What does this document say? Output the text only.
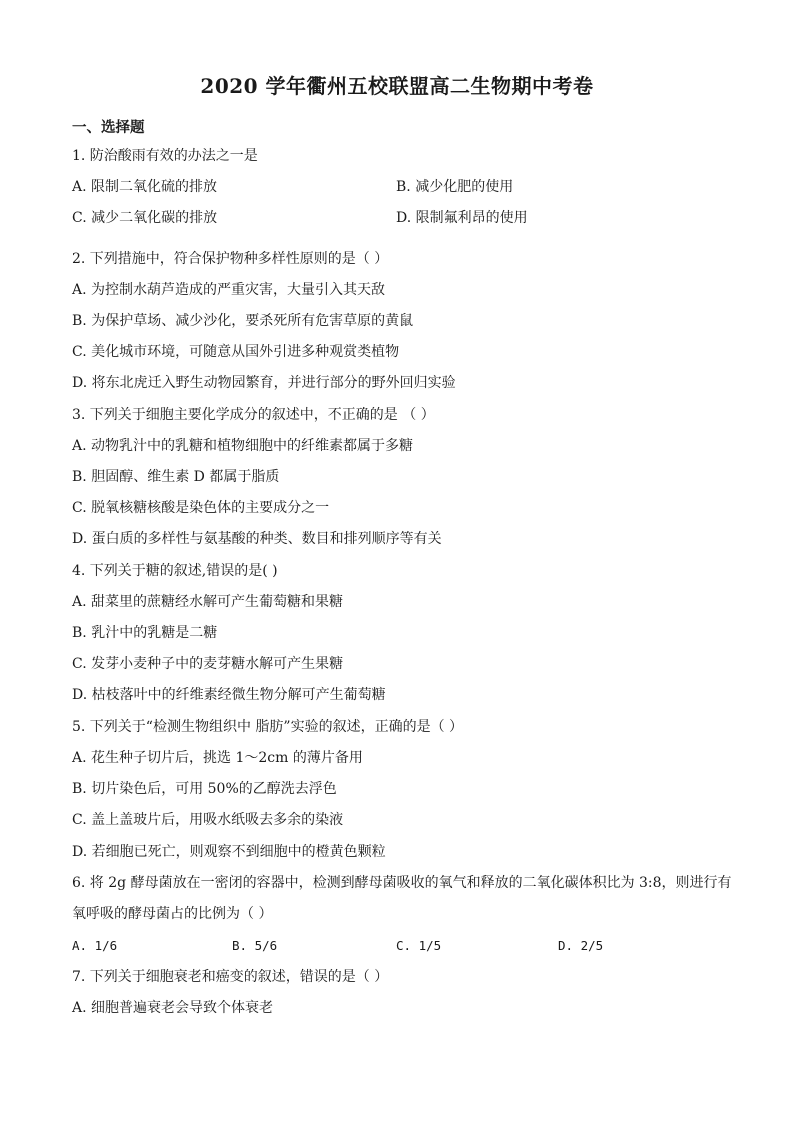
2020 学年衢州五校联盟高二生物期中考卷
一、选择题
1. 防治酸雨有效的办法之一是
A. 限制二氧化硫的排放	B. 减少化肥的使用
C. 减少二氧化碳的排放	D. 限制氟利昂的使用
2. 下列措施中，符合保护物种多样性原则的是（ ）
A. 为控制水葫芦造成的严重灾害，大量引入其天敌
B. 为保护草场、减少沙化，要杀死所有危害草原的黄鼠
C. 美化城市环境，可随意从国外引进多种观赏类植物
D. 将东北虎迁入野生动物园繁育，并进行部分的野外回归实验
3. 下列关于细胞主要化学成分的叙述中，不正确的是 （ ）
A. 动物乳汁中的乳糖和植物细胞中的纤维素都属于多糖
B. 胆固醇、维生素 D 都属于脂质
C. 脱氧核糖核酸是染色体的主要成分之一
D. 蛋白质的多样性与氨基酸的种类、数目和排列顺序等有关
4. 下列关于糖的叙述,错误的是( )
A. 甜菜里的蔗糖经水解可产生葡萄糖和果糖
B. 乳汁中的乳糖是二糖
C. 发芽小麦种子中的麦芽糖水解可产生果糖
D. 枯枝落叶中的纤维素经微生物分解可产生葡萄糖
5. 下列关于“检测生物组织中 脂肪”实验的叙述，正确的是（ ）
A. 花生种子切片后，挑选 1～2cm 的薄片备用
B. 切片染色后，可用 50%的乙醇洗去浮色
C. 盖上盖玻片后，用吸水纸吸去多余的染液
D. 若细胞已死亡，则观察不到细胞中的橙黄色颗粒
6. 将 2g 酵母菌放在一密闭的容器中，检测到酵母菌吸收的氧气和释放的二氧化碳体积比为 3:8，则进行有
氧呼吸的酵母菌占的比例为（ ）
A. 1/6	B. 5/6	C. 1/5	D. 2/5
7. 下列关于细胞衰老和癌变的叙述，错误的是（ ）
A. 细胞普遍衰老会导致个体衰老
